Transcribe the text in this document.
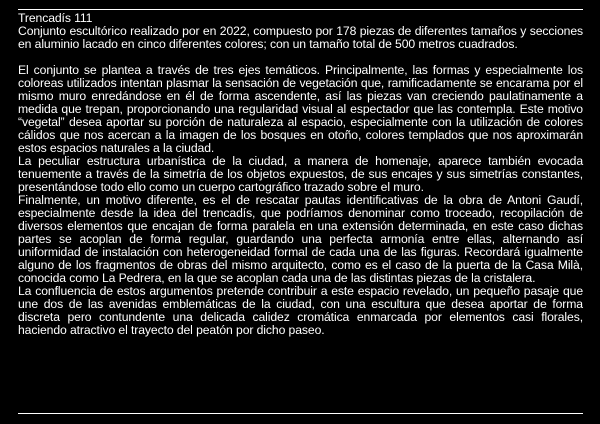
Trencadís 111

Conjunto escultórico realizado por en 2022, compuesto por 178 piezas de diferentes tamaños y secciones en aluminio lacado en cinco diferentes colores; con un tamaño total de 500 metros cuadrados.

El conjunto se plantea a través de tres ejes temáticos. Principalmente, las formas y especialmente los coloreas utilizados intentan plasmar la sensación de vegetación que, ramificadamente se encarama por el mismo muro enredándose en él de forma ascendente, así las piezas van creciendo paulatinamente a medida que trepan, proporcionando una regularidad visual al espectador que las contempla. Este motivo “vegetal” desea aportar su porción de naturaleza al espacio, especialmente con la utilización de colores cálidos que nos acercan a la imagen de los bosques en otoño, colores templados que nos aproximarán estos espacios naturales a la ciudad.

La peculiar estructura urbanística de la ciudad, a manera de homenaje, aparece también evocada tenuemente a través de la simetría de los objetos expuestos, de sus encajes y sus simetrías constantes, presentándose todo ello como un cuerpo cartográfico trazado sobre el muro.

Finalmente, un motivo diferente, es el de rescatar pautas identificativas de la obra de Antoni Gaudí, especialmente desde la idea del trencadís, que podríamos denominar como troceado, recopilación de diversos elementos que encajan de forma paralela en una extensión determinada, en este caso dichas partes se acoplan de forma regular, guardando una perfecta armonía entre ellas, alternando así uniformidad de instalación con heterogeneidad formal de cada una de las figuras. Recordará igualmente alguno de los fragmentos de obras del mismo arquitecto, como es el caso de la puerta de la Casa Milà, conocida como La Pedrera, en la que se acoplan cada una de las distintas piezas de la cristalera.

La confluencia de estos argumentos pretende contribuir a este espacio revelado, un pequeño pasaje que une dos de las avenidas emblemáticas de la ciudad, con una escultura que desea aportar de forma discreta pero contundente una delicada calidez cromática enmarcada por elementos casi florales, haciendo atractivo el trayecto del peatón por dicho paseo.
